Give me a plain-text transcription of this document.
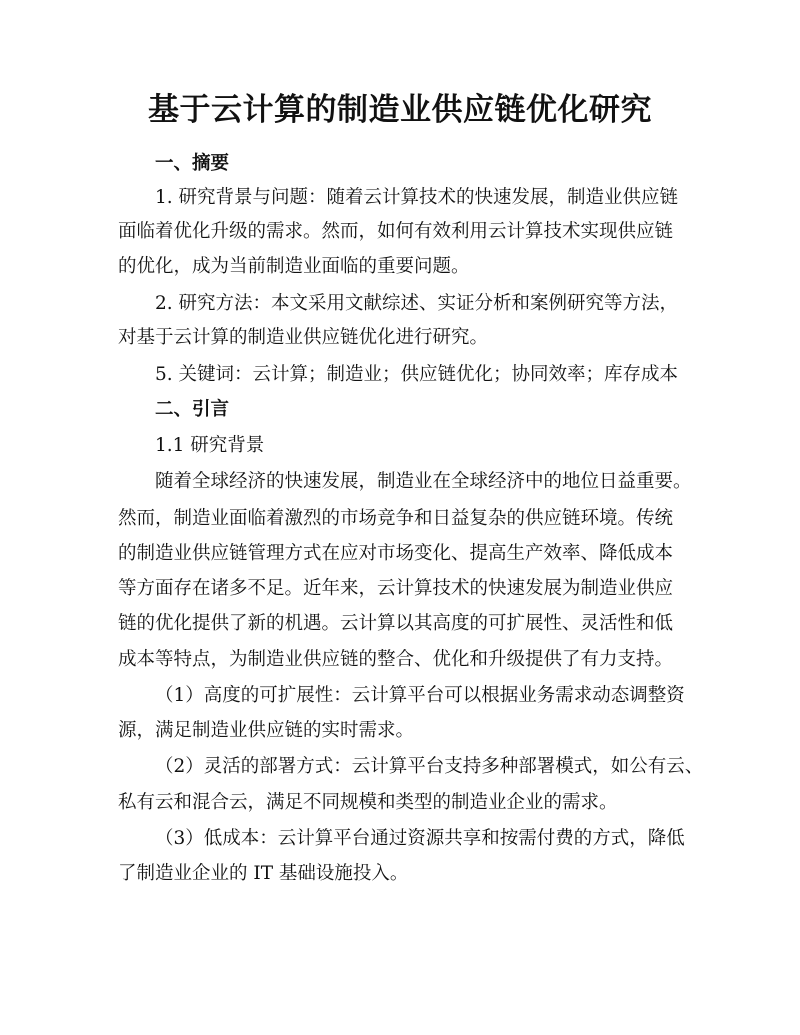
基于云计算的制造业供应链优化研究
一、摘要
1. 研究背景与问题：随着云计算技术的快速发展，制造业供应链
面临着优化升级的需求。然而，如何有效利用云计算技术实现供应链
的优化，成为当前制造业面临的重要问题。
2. 研究方法：本文采用文献综述、实证分析和案例研究等方法，
对基于云计算的制造业供应链优化进行研究。
5. 关键词：云计算；制造业；供应链优化；协同效率；库存成本
二、引言
1.1 研究背景
随着全球经济的快速发展，制造业在全球经济中的地位日益重要。
然而，制造业面临着激烈的市场竞争和日益复杂的供应链环境。传统
的制造业供应链管理方式在应对市场变化、提高生产效率、降低成本
等方面存在诸多不足。近年来，云计算技术的快速发展为制造业供应
链的优化提供了新的机遇。云计算以其高度的可扩展性、灵活性和低
成本等特点，为制造业供应链的整合、优化和升级提供了有力支持。
（1）高度的可扩展性：云计算平台可以根据业务需求动态调整资
源，满足制造业供应链的实时需求。
（2）灵活的部署方式：云计算平台支持多种部署模式，如公有云、
私有云和混合云，满足不同规模和类型的制造业企业的需求。
（3）低成本：云计算平台通过资源共享和按需付费的方式，降低
了制造业企业的 IT 基础设施投入。
